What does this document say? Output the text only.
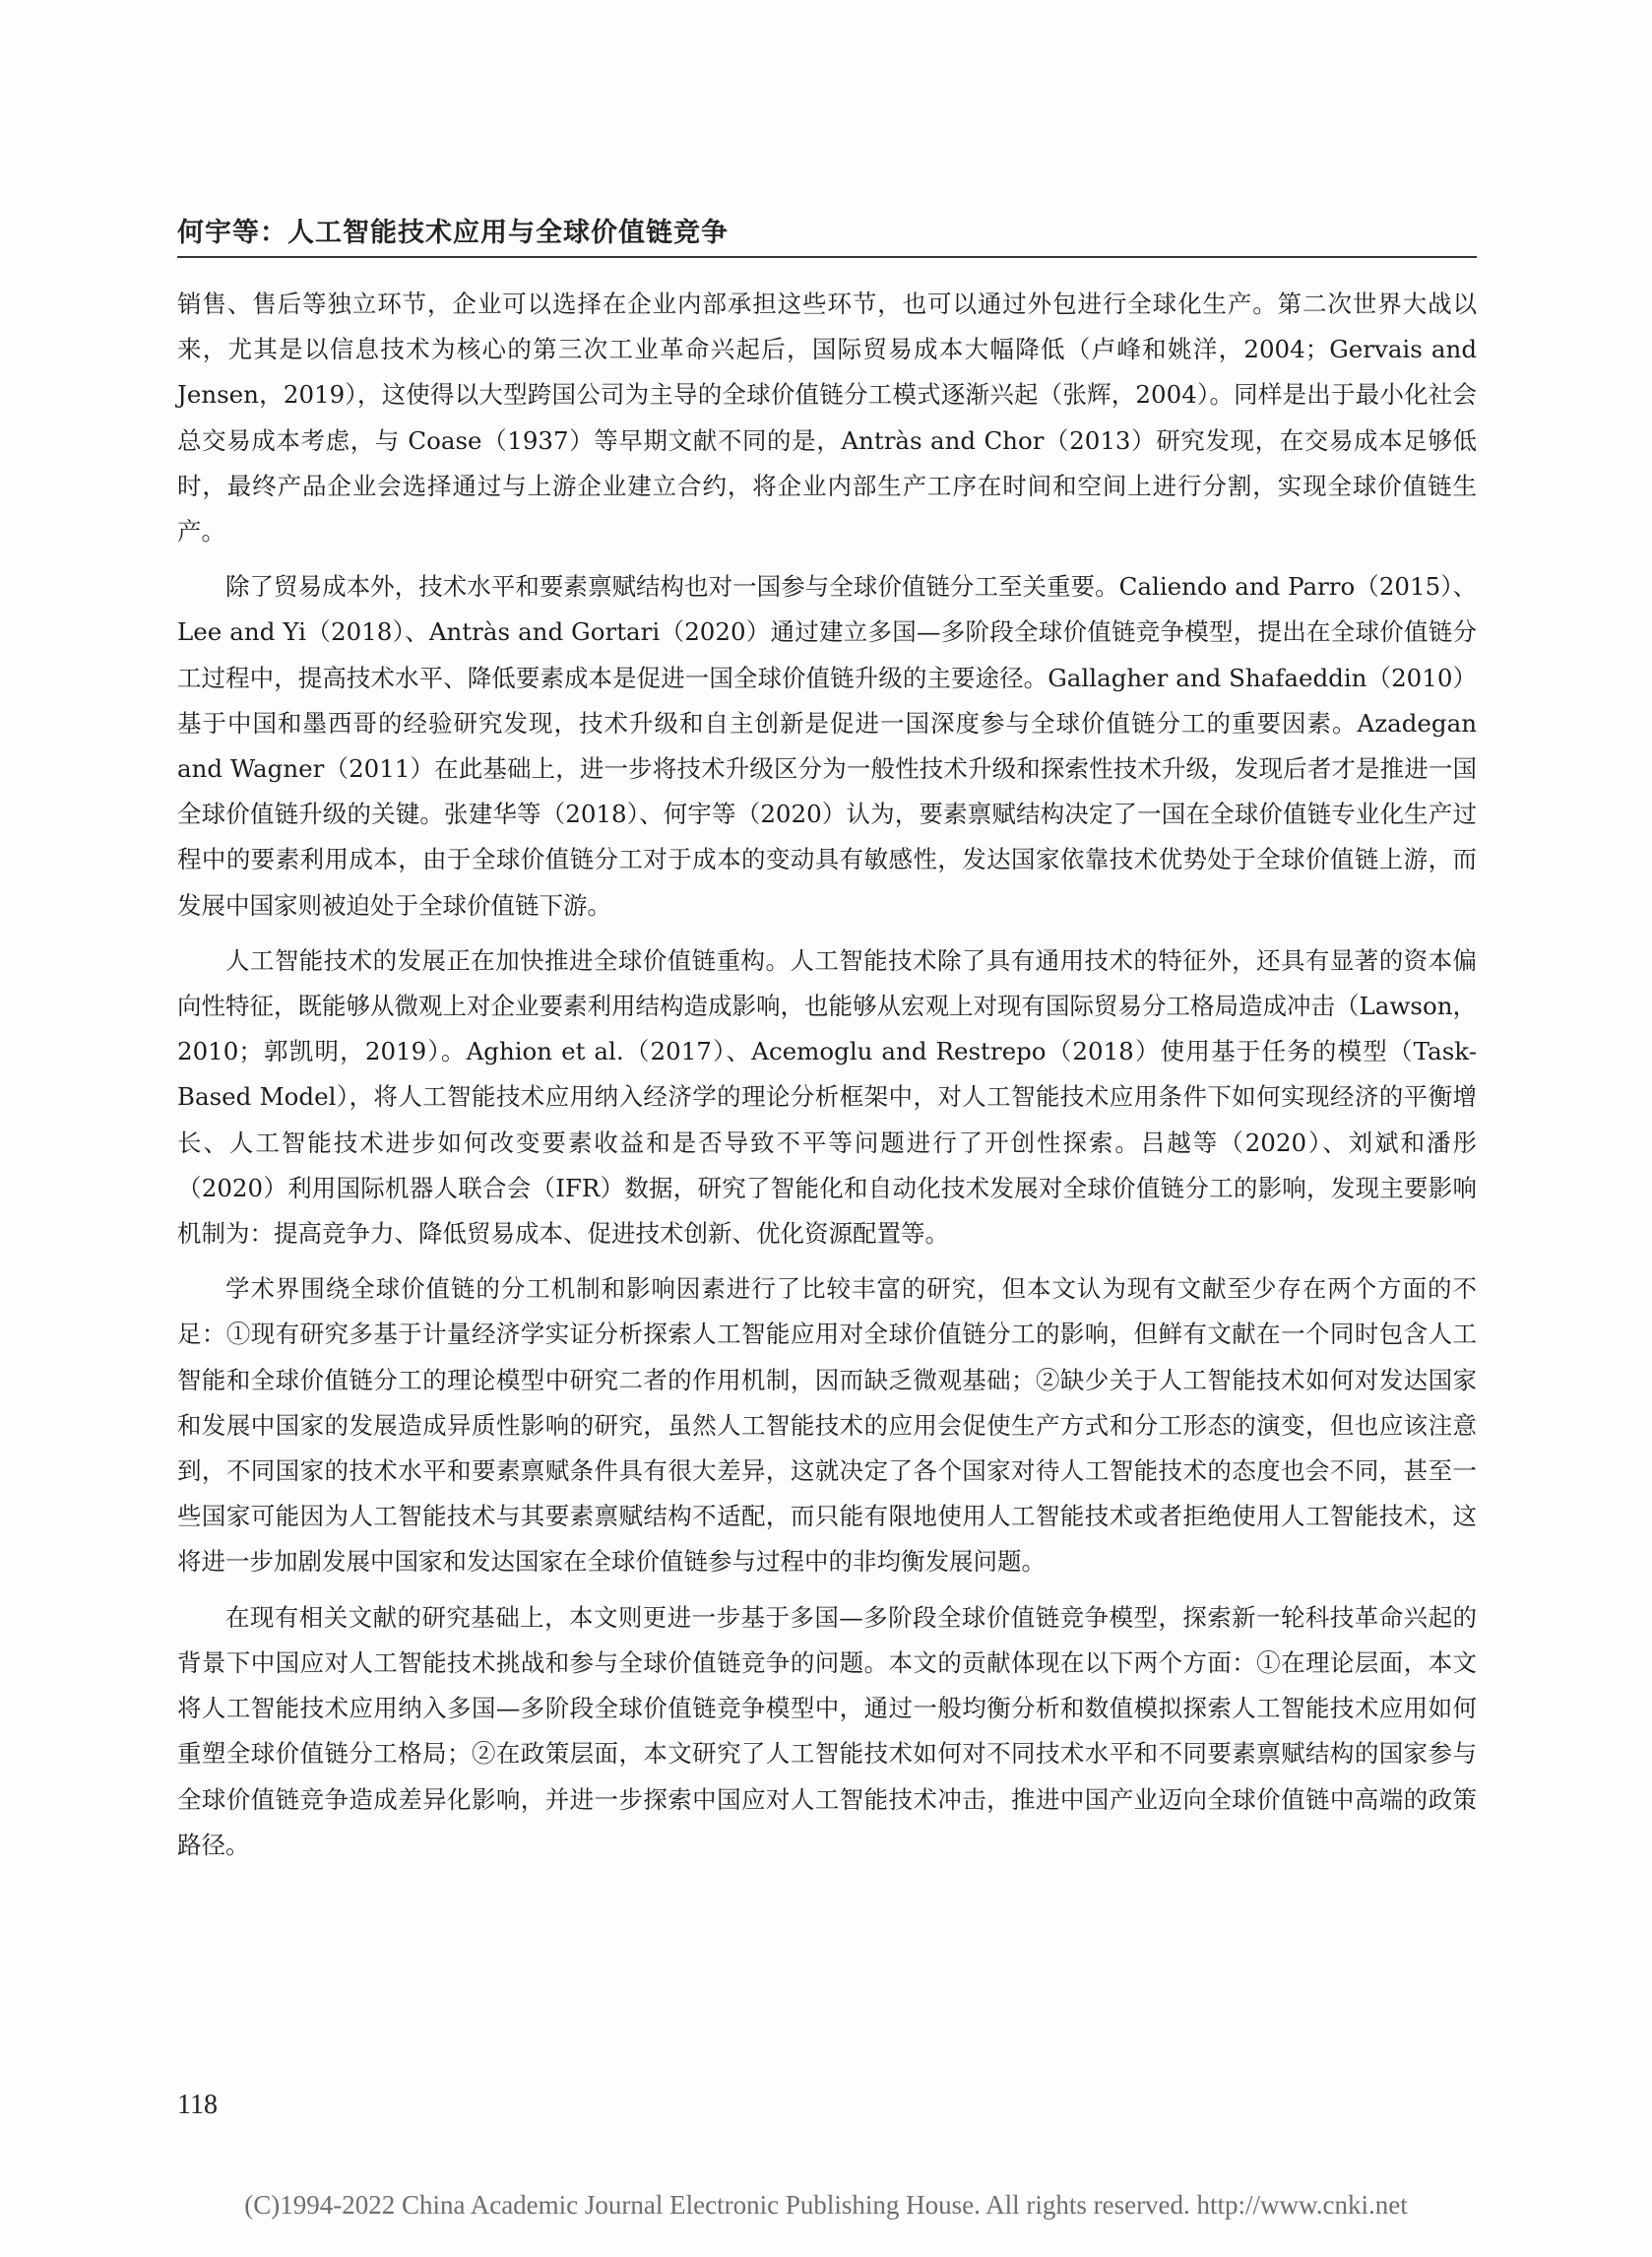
何宇等：人工智能技术应用与全球价值链竞争

销售、售后等独立环节，企业可以选择在企业内部承担这些环节，也可以通过外包进行全球化生产。第二次世界大战以来，尤其是以信息技术为核心的第三次工业革命兴起后，国际贸易成本大幅降低（卢峰和姚洋，2004；Gervais and Jensen，2019），这使得以大型跨国公司为主导的全球价值链分工模式逐渐兴起（张辉，2004）。同样是出于最小化社会总交易成本考虑，与 Coase（1937）等早期文献不同的是，Antràs and Chor（2013）研究发现，在交易成本足够低时，最终产品企业会选择通过与上游企业建立合约，将企业内部生产工序在时间和空间上进行分割，实现全球价值链生产。

除了贸易成本外，技术水平和要素禀赋结构也对一国参与全球价值链分工至关重要。Caliendo and Parro（2015）、Lee and Yi（2018）、Antràs and Gortari（2020）通过建立多国—多阶段全球价值链竞争模型，提出在全球价值链分工过程中，提高技术水平、降低要素成本是促进一国全球价值链升级的主要途径。Gallagher and Shafaeddin（2010）基于中国和墨西哥的经验研究发现，技术升级和自主创新是促进一国深度参与全球价值链分工的重要因素。Azadegan and Wagner（2011）在此基础上，进一步将技术升级区分为一般性技术升级和探索性技术升级，发现后者才是推进一国全球价值链升级的关键。张建华等（2018）、何宇等（2020）认为，要素禀赋结构决定了一国在全球价值链专业化生产过程中的要素利用成本，由于全球价值链分工对于成本的变动具有敏感性，发达国家依靠技术优势处于全球价值链上游，而发展中国家则被迫处于全球价值链下游。

人工智能技术的发展正在加快推进全球价值链重构。人工智能技术除了具有通用技术的特征外，还具有显著的资本偏向性特征，既能够从微观上对企业要素利用结构造成影响，也能够从宏观上对现有国际贸易分工格局造成冲击（Lawson，2010；郭凯明，2019）。Aghion et al.（2017）、Acemoglu and Restrepo（2018）使用基于任务的模型（Task-Based Model），将人工智能技术应用纳入经济学的理论分析框架中，对人工智能技术应用条件下如何实现经济的平衡增长、人工智能技术进步如何改变要素收益和是否导致不平等问题进行了开创性探索。吕越等（2020）、刘斌和潘彤（2020）利用国际机器人联合会（IFR）数据，研究了智能化和自动化技术发展对全球价值链分工的影响，发现主要影响机制为：提高竞争力、降低贸易成本、促进技术创新、优化资源配置等。

学术界围绕全球价值链的分工机制和影响因素进行了比较丰富的研究，但本文认为现有文献至少存在两个方面的不足：①现有研究多基于计量经济学实证分析探索人工智能应用对全球价值链分工的影响，但鲜有文献在一个同时包含人工智能和全球价值链分工的理论模型中研究二者的作用机制，因而缺乏微观基础；②缺少关于人工智能技术如何对发达国家和发展中国家的发展造成异质性影响的研究，虽然人工智能技术的应用会促使生产方式和分工形态的演变，但也应该注意到，不同国家的技术水平和要素禀赋条件具有很大差异，这就决定了各个国家对待人工智能技术的态度也会不同，甚至一些国家可能因为人工智能技术与其要素禀赋结构不适配，而只能有限地使用人工智能技术或者拒绝使用人工智能技术，这将进一步加剧发展中国家和发达国家在全球价值链参与过程中的非均衡发展问题。

在现有相关文献的研究基础上，本文则更进一步基于多国—多阶段全球价值链竞争模型，探索新一轮科技革命兴起的背景下中国应对人工智能技术挑战和参与全球价值链竞争的问题。本文的贡献体现在以下两个方面：①在理论层面，本文将人工智能技术应用纳入多国—多阶段全球价值链竞争模型中，通过一般均衡分析和数值模拟探索人工智能技术应用如何重塑全球价值链分工格局；②在政策层面，本文研究了人工智能技术如何对不同技术水平和不同要素禀赋结构的国家参与全球价值链竞争造成差异化影响，并进一步探索中国应对人工智能技术冲击，推进中国产业迈向全球价值链中高端的政策路径。

118
(C)1994-2022 China Academic Journal Electronic Publishing House. All rights reserved. http://www.cnki.net
